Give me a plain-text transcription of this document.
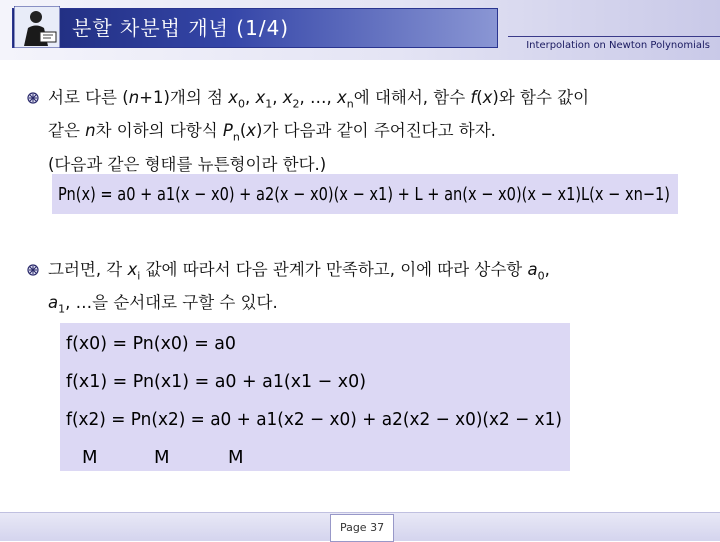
분할 차분법 개념 (1/4)
Interpolation on Newton Polynomials
서로 다른 (n+1)개의 점 $x_0$, $x_1$, $x_2$, …, $x_n$에 대해서, 함수 f(x)와 함수 값이
같은 n차 이하의 다항식 $P_n(x)$가 다음과 같이 주어진다고 하자.
(다음과 같은 형태를 뉴튼형이라 한다.)
Pn(x) = a0 + a1(x − x0) + a2(x − x0)(x − x1) + L + an(x − x0)(x − x1)L(x − xn−1)
그러면, 각 $x_i$ 값에 따라서 다음 관계가 만족하고, 이에 따라 상수항 $a_0$,
$a_1$, …을 순서대로 구할 수 있다.
f(x0) = Pn(x0) = a0
f(x1) = Pn(x1) = a0 + a1(x1 − x0)
f(x2) = Pn(x2) = a0 + a1(x2 − x0) + a2(x2 − x0)(x2 − x1)
M	M	M
Page 37
